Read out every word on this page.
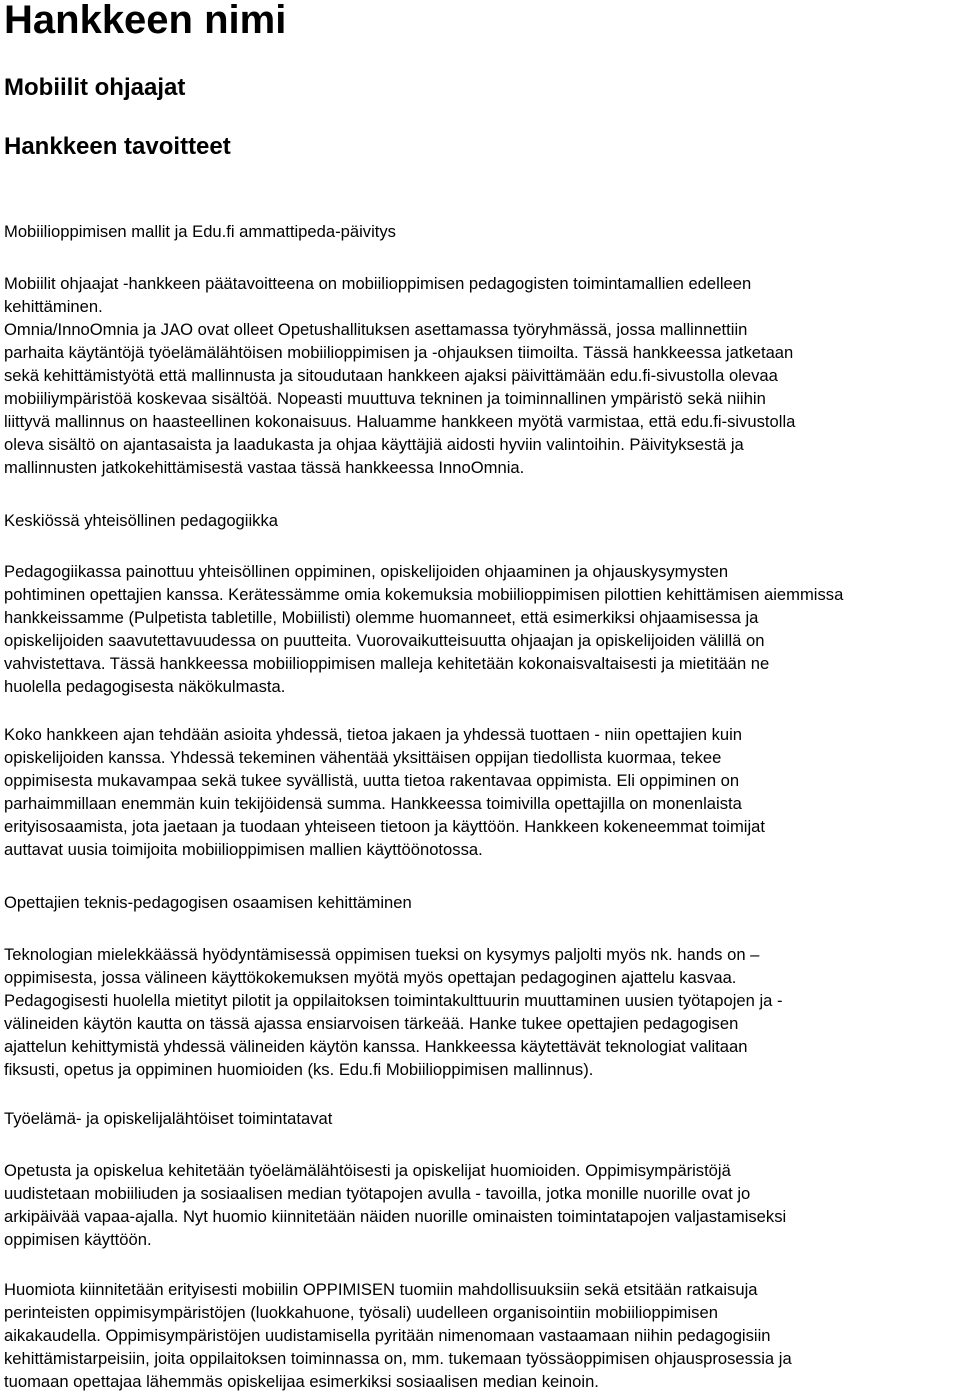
Hankkeen nimi
Mobiilit ohjaajat
Hankkeen tavoitteet
Mobiilioppimisen mallit ja Edu.fi ammattipeda-päivitys
Mobiilit ohjaajat -hankkeen päätavoitteena on mobiilioppimisen pedagogisten toimintamallien edelleen
kehittäminen.
Omnia/InnoOmnia ja JAO ovat olleet Opetushallituksen asettamassa työryhmässä, jossa mallinnettiin
parhaita käytäntöjä työelämälähtöisen mobiilioppimisen ja -ohjauksen tiimoilta. Tässä hankkeessa jatketaan
sekä kehittämistyötä että mallinnusta ja sitoudutaan hankkeen ajaksi päivittämään edu.fi-sivustolla olevaa
mobiiliympäristöä koskevaa sisältöä. Nopeasti muuttuva tekninen ja toiminnallinen ympäristö sekä niihin
liittyvä mallinnus on haasteellinen kokonaisuus. Haluamme hankkeen myötä varmistaa, että edu.fi-sivustolla
oleva sisältö on ajantasaista ja laadukasta ja ohjaa käyttäjiä aidosti hyviin valintoihin. Päivityksestä ja
mallinnusten jatkokehittämisestä vastaa tässä hankkeessa InnoOmnia.
Keskiössä yhteisöllinen pedagogiikka
Pedagogiikassa painottuu yhteisöllinen oppiminen, opiskelijoiden ohjaaminen ja ohjauskysymysten
pohtiminen opettajien kanssa. Kerätessämme omia kokemuksia mobiilioppimisen pilottien kehittämisen aiemmissa
hankkeissamme (Pulpetista tabletille, Mobiilisti) olemme huomanneet, että esimerkiksi ohjaamisessa ja
opiskelijoiden saavutettavuudessa on puutteita. Vuorovaikutteisuutta ohjaajan ja opiskelijoiden välillä on
vahvistettava. Tässä hankkeessa mobiilioppimisen malleja kehitetään kokonaisvaltaisesti ja mietitään ne
huolella pedagogisesta näkökulmasta.
Koko hankkeen ajan tehdään asioita yhdessä, tietoa jakaen ja yhdessä tuottaen - niin opettajien kuin
opiskelijoiden kanssa. Yhdessä tekeminen vähentää yksittäisen oppijan tiedollista kuormaa, tekee
oppimisesta mukavampaa sekä tukee syvällistä, uutta tietoa rakentavaa oppimista. Eli oppiminen on
parhaimmillaan enemmän kuin tekijöidensä summa. Hankkeessa toimivilla opettajilla on monenlaista
erityisosaamista, jota jaetaan ja tuodaan yhteiseen tietoon ja käyttöön. Hankkeen kokeneemmat toimijat
auttavat uusia toimijoita mobiilioppimisen mallien käyttöönotossa.
Opettajien teknis-pedagogisen osaamisen kehittäminen
Teknologian mielekkäässä hyödyntämisessä oppimisen tueksi on kysymys paljolti myös nk. hands on –
oppimisesta, jossa välineen käyttökokemuksen myötä myös opettajan pedagoginen ajattelu kasvaa.
Pedagogisesti huolella mietityt pilotit ja oppilaitoksen toimintakulttuurin muuttaminen uusien työtapojen ja -
välineiden käytön kautta on tässä ajassa ensiarvoisen tärkeää. Hanke tukee opettajien pedagogisen
ajattelun kehittymistä yhdessä välineiden käytön kanssa. Hankkeessa käytettävät teknologiat valitaan
fiksusti, opetus ja oppiminen huomioiden (ks. Edu.fi Mobiilioppimisen mallinnus).
Työelämä- ja opiskelijalähtöiset toimintatavat
Opetusta ja opiskelua kehitetään työelämälähtöisesti ja opiskelijat huomioiden. Oppimisympäristöjä
uudistetaan mobiiliuden ja sosiaalisen median työtapojen avulla - tavoilla, jotka monille nuorille ovat jo
arkipäivää vapaa-ajalla. Nyt huomio kiinnitetään näiden nuorille ominaisten toimintatapojen valjastamiseksi
oppimisen käyttöön.
Huomiota kiinnitetään erityisesti mobiilin OPPIMISEN tuomiin mahdollisuuksiin sekä etsitään ratkaisuja
perinteisten oppimisympäristöjen (luokkahuone, työsali) uudelleen organisointiin mobiilioppimisen
aikakaudella. Oppimisympäristöjen uudistamisella pyritään nimenomaan vastaamaan niihin pedagogisiin
kehittämistarpeisiin, joita oppilaitoksen toiminnassa on, mm. tukemaan työssäoppimisen ohjausprosessia ja
tuomaan opettajaa lähemmäs opiskelijaa esimerkiksi sosiaalisen median keinoin.
